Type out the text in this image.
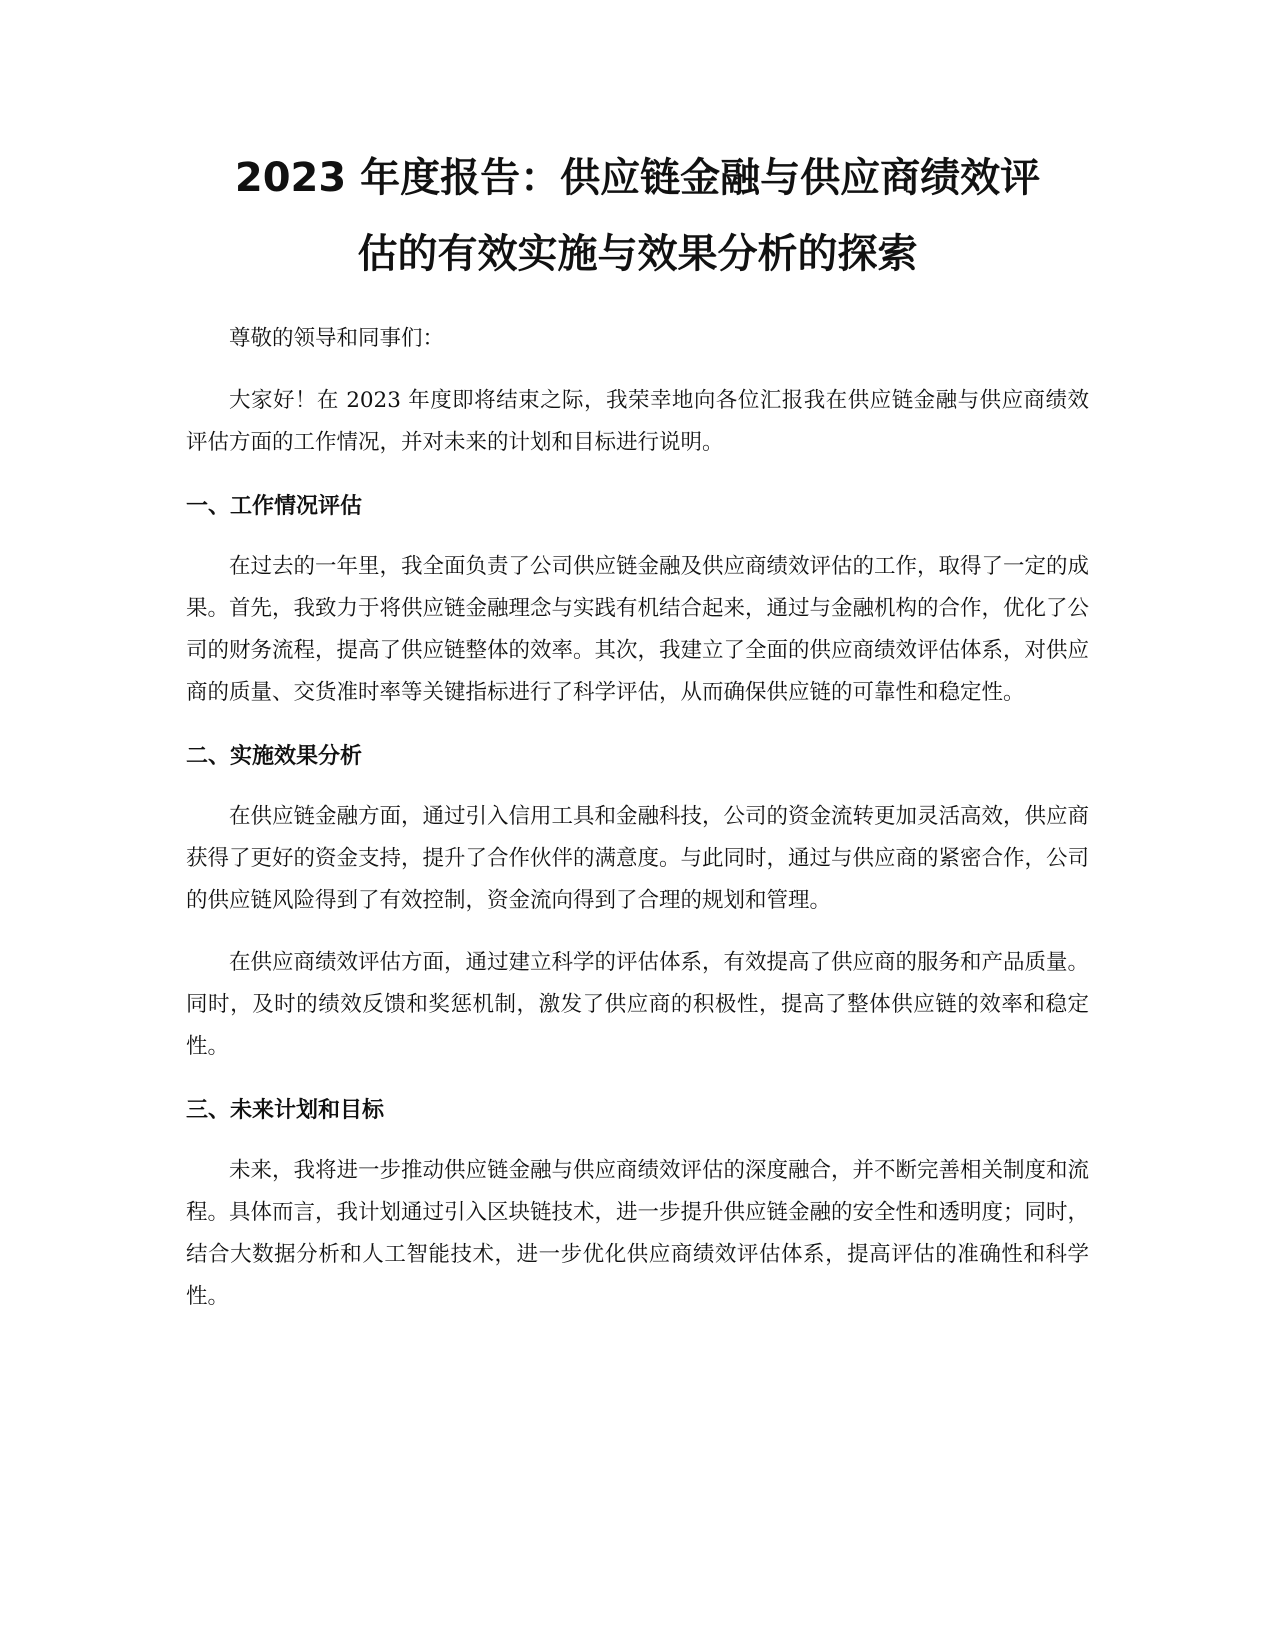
2023 年度报告：供应链金融与供应商绩效评
估的有效实施与效果分析的探索

尊敬的领导和同事们：

大家好！在 2023 年度即将结束之际，我荣幸地向各位汇报我在供应链金融与供应商绩效评估方面的工作情况，并对未来的计划和目标进行说明。

一、工作情况评估

在过去的一年里，我全面负责了公司供应链金融及供应商绩效评估的工作，取得了一定的成果。首先，我致力于将供应链金融理念与实践有机结合起来，通过与金融机构的合作，优化了公司的财务流程，提高了供应链整体的效率。其次，我建立了全面的供应商绩效评估体系，对供应商的质量、交货准时率等关键指标进行了科学评估，从而确保供应链的可靠性和稳定性。

二、实施效果分析

在供应链金融方面，通过引入信用工具和金融科技，公司的资金流转更加灵活高效，供应商获得了更好的资金支持，提升了合作伙伴的满意度。与此同时，通过与供应商的紧密合作，公司的供应链风险得到了有效控制，资金流向得到了合理的规划和管理。

在供应商绩效评估方面，通过建立科学的评估体系，有效提高了供应商的服务和产品质量。同时，及时的绩效反馈和奖惩机制，激发了供应商的积极性，提高了整体供应链的效率和稳定性。

三、未来计划和目标

未来，我将进一步推动供应链金融与供应商绩效评估的深度融合，并不断完善相关制度和流程。具体而言，我计划通过引入区块链技术，进一步提升供应链金融的安全性和透明度；同时，结合大数据分析和人工智能技术，进一步优化供应商绩效评估体系，提高评估的准确性和科学性。
